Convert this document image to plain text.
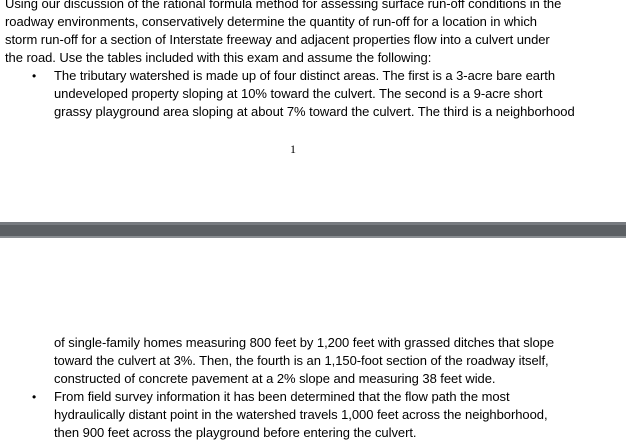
Using our discussion of the rational formula method for assessing surface run-off conditions in the
roadway environments, conservatively determine the quantity of run-off for a location in which
storm run-off for a section of Interstate freeway and adjacent properties flow into a culvert under
the road. Use the tables included with this exam and assume the following:
• The tributary watershed is made up of four distinct areas. The first is a 3-acre bare earth
undeveloped property sloping at 10% toward the culvert. The second is a 9-acre short
grassy playground area sloping at about 7% toward the culvert. The third is a neighborhood
1
of single-family homes measuring 800 feet by 1,200 feet with grassed ditches that slope
toward the culvert at 3%. Then, the fourth is an 1,150-foot section of the roadway itself,
constructed of concrete pavement at a 2% slope and measuring 38 feet wide.
• From field survey information it has been determined that the flow path the most
hydraulically distant point in the watershed travels 1,000 feet across the neighborhood,
then 900 feet across the playground before entering the culvert.
